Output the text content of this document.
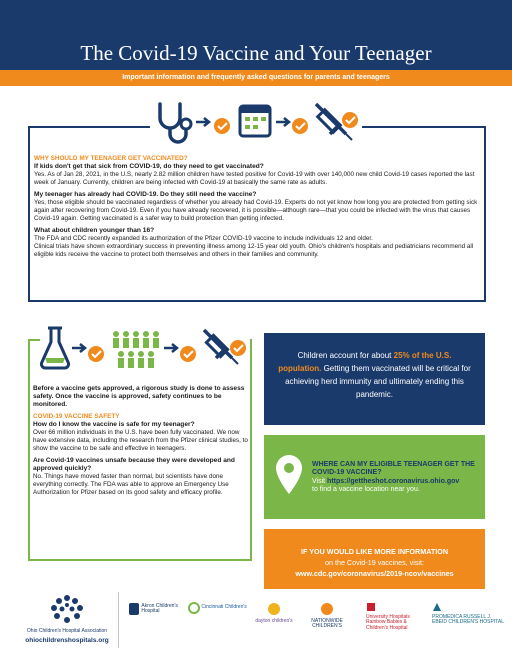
The Covid-19 Vaccine and Your Teenager
Important information and frequently asked questions for parents and teenagers
WHY SHOULD MY TEENAGER GET VACCINATED?
If kids don't get that sick from COVID-19, do they need to get vaccinated?
Yes. As of Jan 28, 2021, in the U.S, nearly 2.82 million children have tested positive for Covid-19 with over 140,000 new child Covid-19 cases reported the last week of January. Currently, children are being infected with Covid-19 at basically the same rate as adults.
My teenager has already had COVID-19. Do they still need the vaccine?
Yes, those eligible should be vaccinated regardless of whether you already had Covid-19. Experts do not yet know how long you are protected from getting sick again after recovering from Covid-19. Even if you have already recovered, it is possible—although rare—that you could be infected with the virus that causes Covid-19 again. Getting vaccinated is a safer way to build protection than getting infected.
What about children younger than 16?
The FDA and CDC recently expanded its authorization of the Pfizer COVID-19 vaccine to include individuals 12 and older.
Clinical trials have shown extraordinary success in preventing illness among 12-15 year old youth. Ohio's children's hospitals and pediatricians recommend all eligible kids receive the vaccine to protect both themselves and others in their families and community.
Before a vaccine gets approved, a rigorous study is done to assess safety. Once the vaccine is approved, safety continues to be monitored.
COVID-19 VACCINE SAFETY
How do I know the vaccine is safe for my teenager?
Over 66 million individuals in the U.S. have been fully vaccinated. We now have extensive data, including the research from the Pfizer clinical studies, to show the vaccine to be safe and effective in teenagers.
Are Covid-19 vaccines unsafe because they were developed and approved quickly?
No. Things have moved faster than normal, but scientists have done everything correctly. The FDA was able to approve an Emergency Use Authorization for Pfizer based on its good safety and efficacy profile.
Children account for about 25% of the U.S. population. Getting them vaccinated will be critical for achieving herd immunity and ultimately ending this pandemic.
WHERE CAN MY ELIGIBLE TEENAGER GET THE COVID-19 VACCINE?
Visit https://gettheshot.coronavirus.ohio.gov
to find a vaccine location near you.
IF YOU WOULD LIKE MORE INFORMATION
on the Covid-19 vaccines, visit:
www.cdc.gov/coronavirus/2019-ncov/vaccines
Ohio Children's Hospital Association
ohiochildrenshospitals.org
Akron Children's Hospital
Cincinnati Children's
dayton children's	NATIONWIDE CHILDREN'S
University Hospitals Rainbow Babies & Children's Hospital
PROMEDICA RUSSELL J. EBEID CHILDREN'S HOSPITAL
